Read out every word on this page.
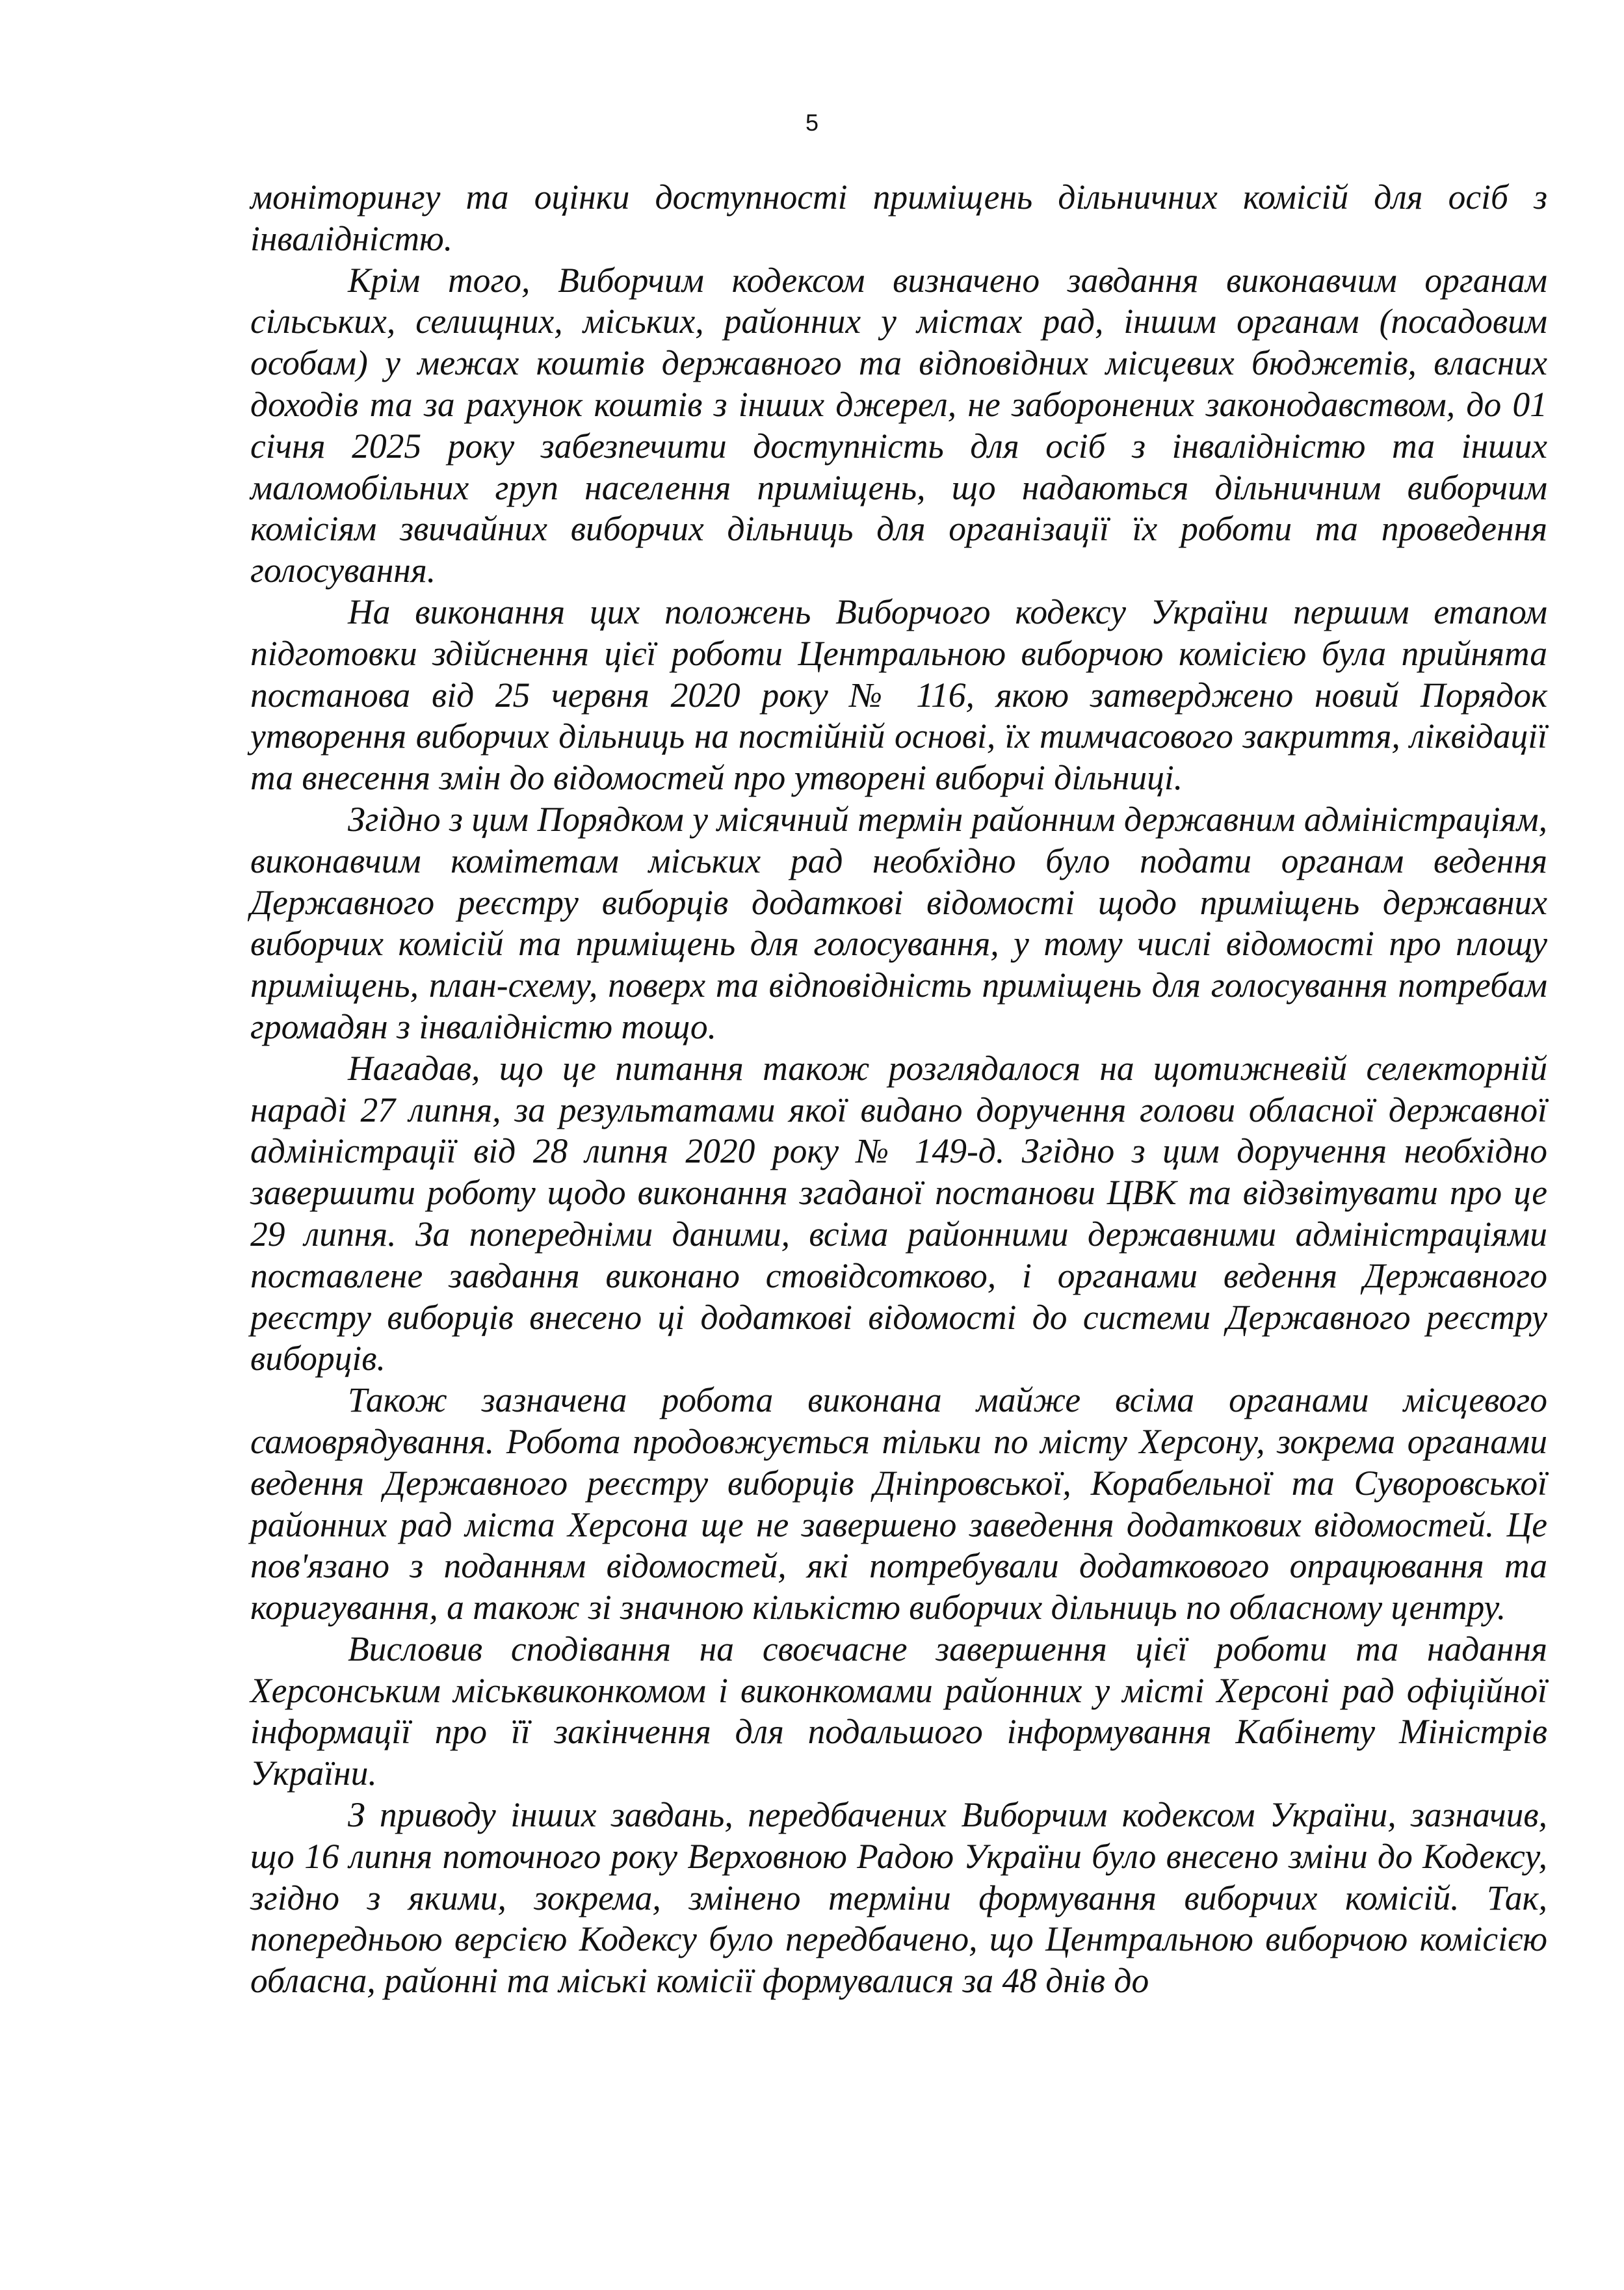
5

моніторингу та оцінки доступності приміщень дільничних комісій для осіб з інвалідністю.

Крім того, Виборчим кодексом визначено завдання виконавчим органам сільських, селищних, міських, районних у містах рад, іншим органам (посадовим особам) у межах коштів державного та відповідних місцевих бюджетів, власних доходів та за рахунок коштів з інших джерел, не заборонених законодавством, до 01 січня 2025 року забезпечити доступність для осіб з інвалідністю та інших маломобільних груп населення приміщень, що надаються дільничним виборчим комісіям звичайних виборчих дільниць для організації їх роботи та проведення голосування.

На виконання цих положень Виборчого кодексу України першим етапом підготовки здійснення цієї роботи Центральною виборчою комісією була прийнята постанова від 25 червня 2020 року № 116, якою затверджено новий Порядок утворення виборчих дільниць на постійній основі, їх тимчасового закриття, ліквідації та внесення змін до відомостей про утворені виборчі дільниці.

Згідно з цим Порядком у місячний термін районним державним адміністраціям, виконавчим комітетам міських рад необхідно було подати органам ведення Державного реєстру виборців додаткові відомості щодо приміщень державних виборчих комісій та приміщень для голосування, у тому числі відомості про площу приміщень, план-схему, поверх та відповідність приміщень для голосування потребам громадян з інвалідністю тощо.

Нагадав, що це питання також розглядалося на щотижневій селекторній нараді 27 липня, за результатами якої видано доручення голови обласної державної адміністрації від 28 липня 2020 року № 149-д. Згідно з цим доручення необхідно завершити роботу щодо виконання згаданої постанови ЦВК та відзвітувати про це 29 липня. За попередніми даними, всіма районними державними адміністраціями поставлене завдання виконано стовідсотково, і органами ведення Державного реєстру виборців внесено ці додаткові відомості до системи Державного реєстру виборців.

Також зазначена робота виконана майже всіма органами місцевого самоврядування. Робота продовжується тільки по місту Херсону, зокрема органами ведення Державного реєстру виборців Дніпровської, Корабельної та Суворовської районних рад міста Херсона ще не завершено заведення додаткових відомостей. Це пов'язано з поданням відомостей, які потребували додаткового опрацювання та коригування, а також зі значною кількістю виборчих дільниць по обласному центру.

Висловив сподівання на своєчасне завершення цієї роботи та надання Херсонським міськвиконкомом і виконкомами районних у місті Херсоні рад офіційної інформації про її закінчення для подальшого інформування Кабінету Міністрів України.

З приводу інших завдань, передбачених Виборчим кодексом України, зазначив, що 16 липня поточного року Верховною Радою України було внесено зміни до Кодексу, згідно з якими, зокрема, змінено терміни формування виборчих комісій. Так, попередньою версією Кодексу було передбачено, що Центральною виборчою комісією обласна, районні та міські комісії формувалися за 48 днів до
